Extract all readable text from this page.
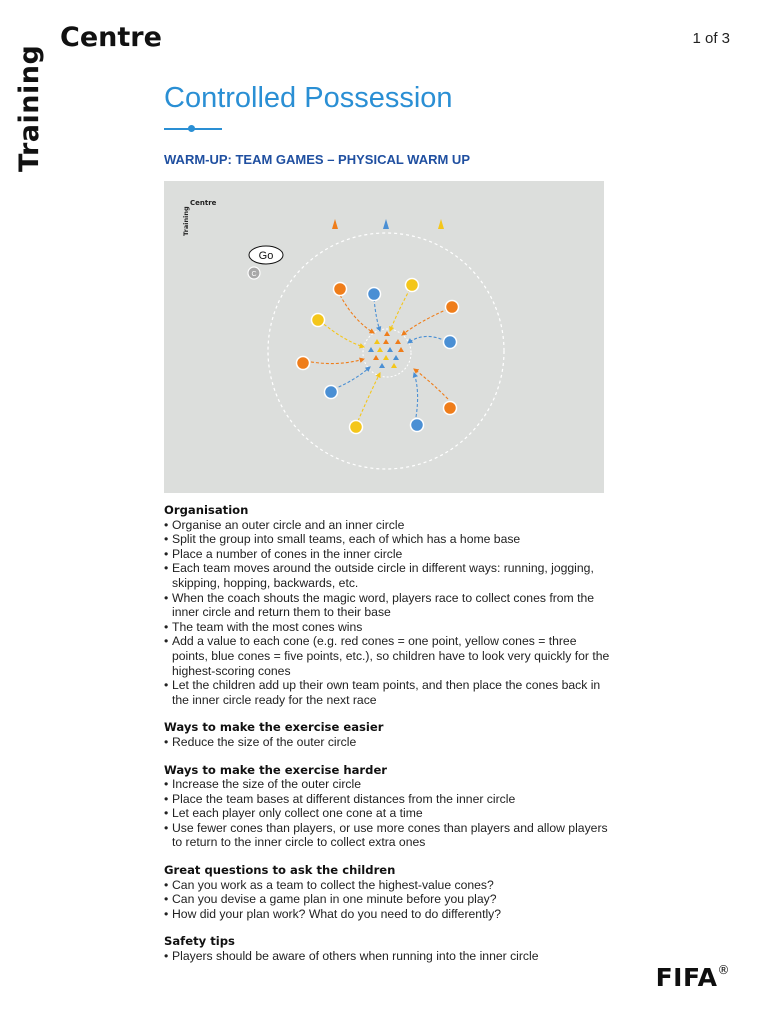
Training
Centre	1 of 3
Controlled Possession
WARM-UP: TEAM GAMES – PHYSICAL WARM UP
Training
Centre
Go
C
Organisation
• Organise an outer circle and an inner circle
• Split the group into small teams, each of which has a home base
• Place a number of cones in the inner circle
• Each team moves around the outside circle in different ways: running, jogging, skipping, hopping, backwards, etc.
• When the coach shouts the magic word, players race to collect cones from the inner circle and return them to their base
• The team with the most cones wins
• Add a value to each cone (e.g. red cones = one point, yellow cones = three points, blue cones = five points, etc.), so children have to look very quickly for the highest-scoring cones
• Let the children add up their own team points, and then place the cones back in the inner circle ready for the next race
Ways to make the exercise easier
• Reduce the size of the outer circle
Ways to make the exercise harder
• Increase the size of the outer circle
• Place the team bases at different distances from the inner circle
• Let each player only collect one cone at a time
• Use fewer cones than players, or use more cones than players and allow players to return to the inner circle to collect extra ones
Great questions to ask the children
• Can you work as a team to collect the highest-value cones?
• Can you devise a game plan in one minute before you play?
• How did your plan work? What do you need to do differently?
Safety tips
• Players should be aware of others when running into the inner circle
FIFA®
